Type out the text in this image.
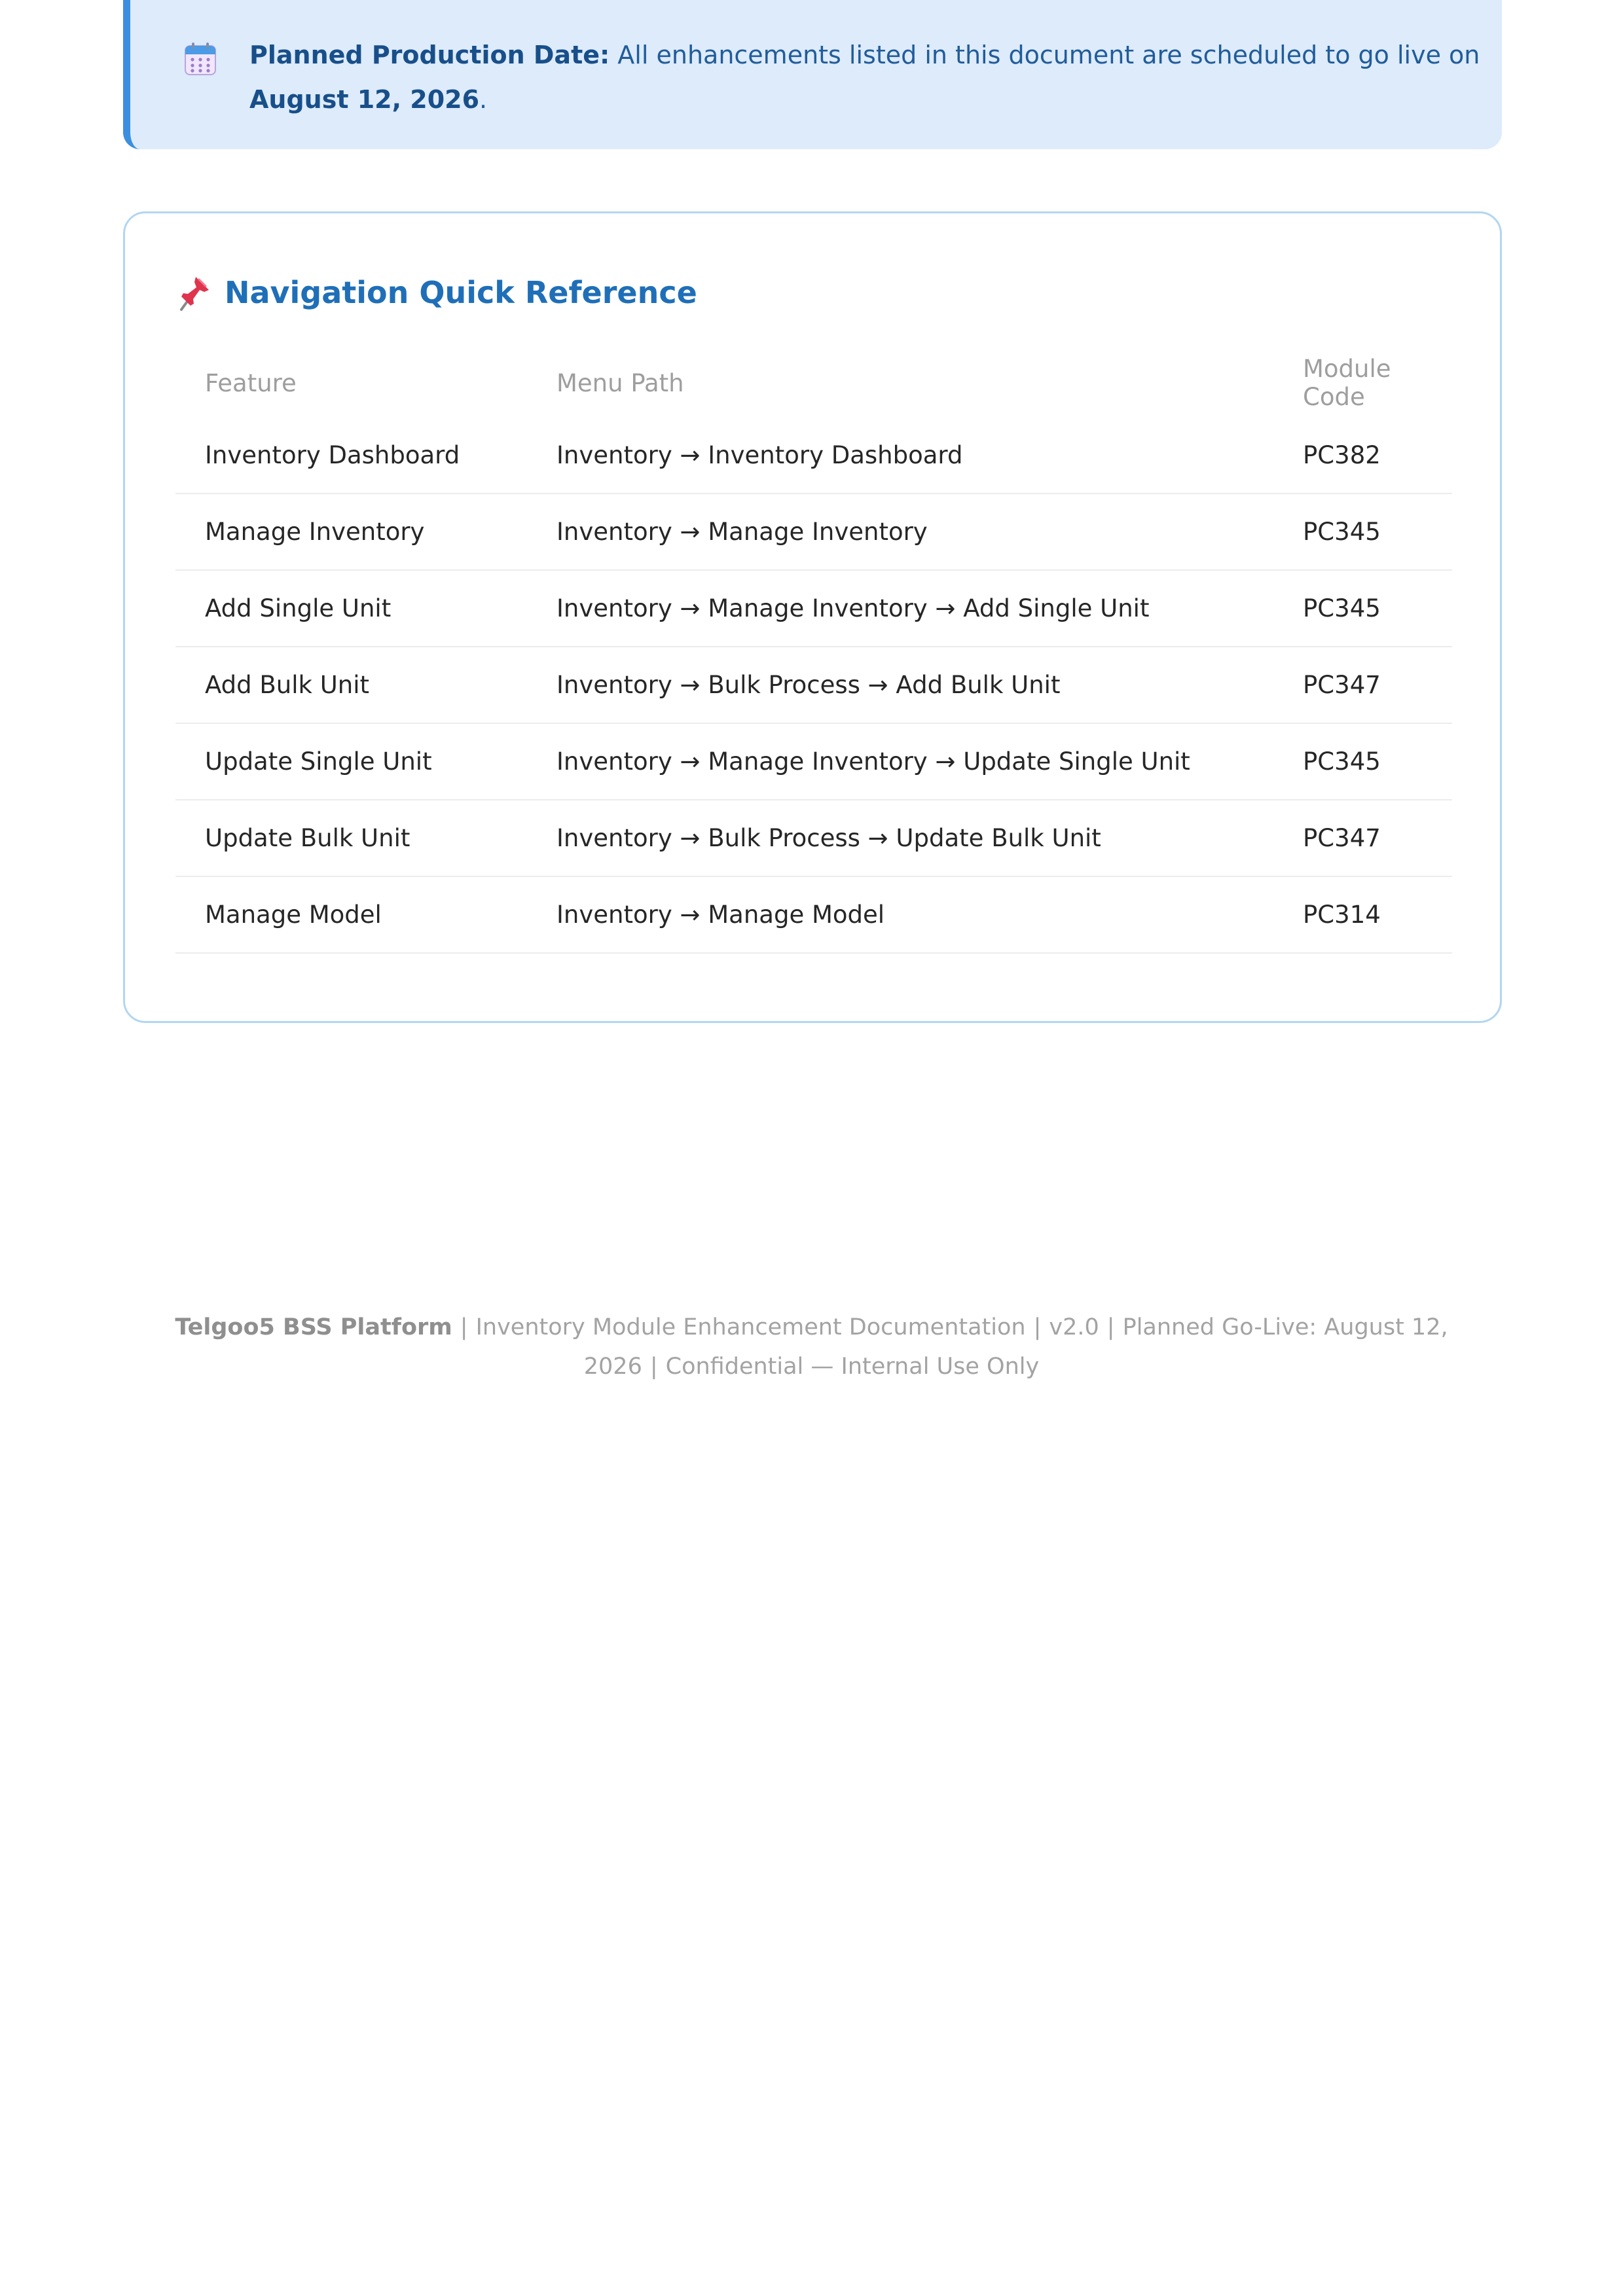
Planned Production Date: All enhancements listed in this document are scheduled to go live on August 12, 2026.
Navigation Quick Reference
Feature	Menu Path	Module Code
Inventory Dashboard	Inventory → Inventory Dashboard	PC382
Manage Inventory	Inventory → Manage Inventory	PC345
Add Single Unit	Inventory → Manage Inventory → Add Single Unit	PC345
Add Bulk Unit	Inventory → Bulk Process → Add Bulk Unit	PC347
Update Single Unit	Inventory → Manage Inventory → Update Single Unit	PC345
Update Bulk Unit	Inventory → Bulk Process → Update Bulk Unit	PC347
Manage Model	Inventory → Manage Model	PC314
Telgoo5 BSS Platform | Inventory Module Enhancement Documentation | v2.0 | Planned Go-Live: August 12, 2026 | Confidential — Internal Use Only
